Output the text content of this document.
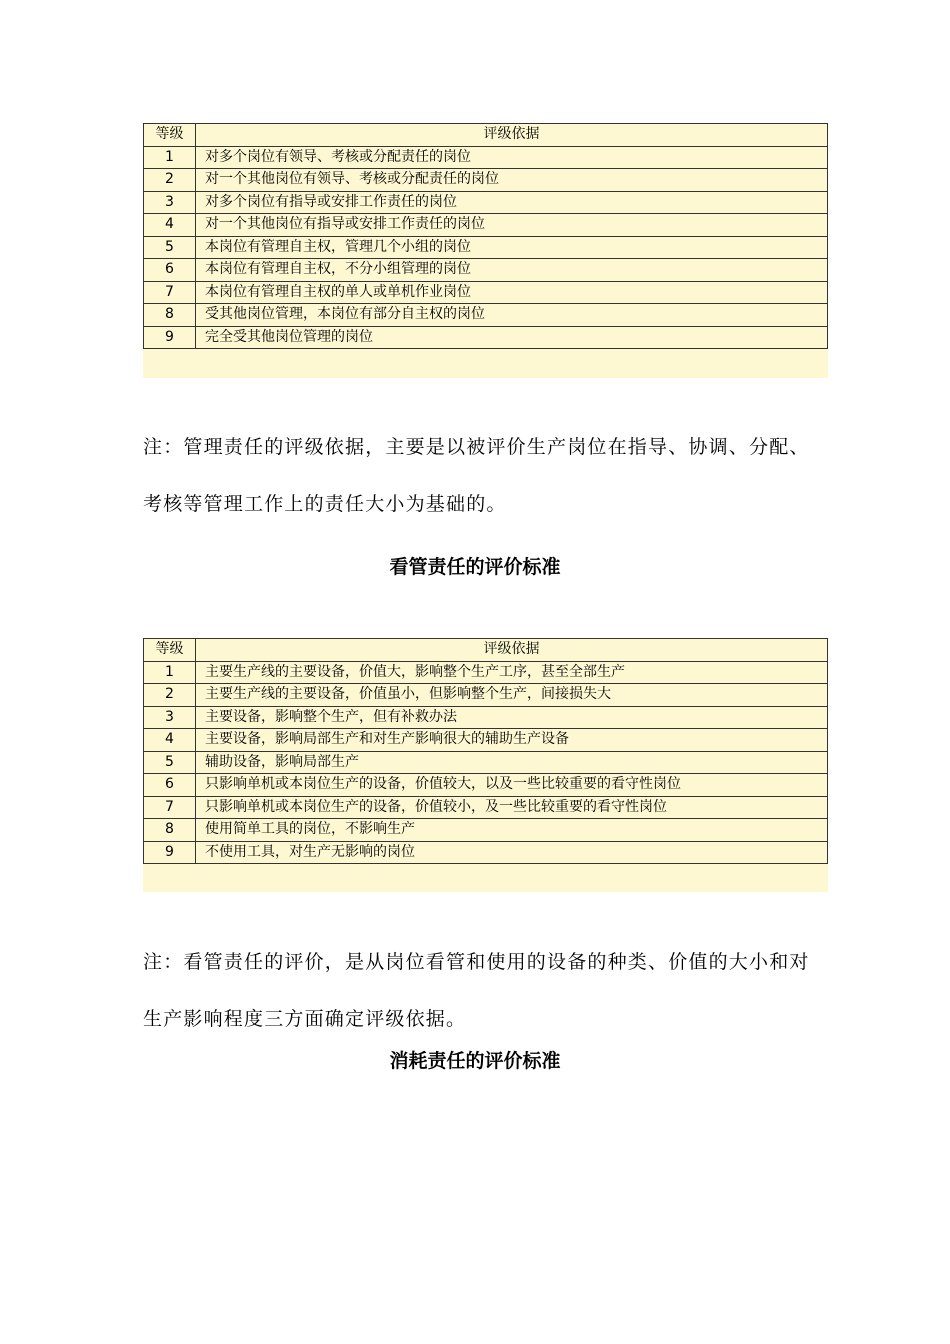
等级	评级依据
1	对多个岗位有领导、考核或分配责任的岗位
2	对一个其他岗位有领导、考核或分配责任的岗位
3	对多个岗位有指导或安排工作责任的岗位
4	对一个其他岗位有指导或安排工作责任的岗位
5	本岗位有管理自主权，管理几个小组的岗位
6	本岗位有管理自主权，不分小组管理的岗位
7	本岗位有管理自主权的单人或单机作业岗位
8	受其他岗位管理，本岗位有部分自主权的岗位
9	完全受其他岗位管理的岗位
注：管理责任的评级依据，主要是以被评价生产岗位在指导、协调、分配、考核等管理工作上的责任大小为基础的。
看管责任的评价标准
等级	评级依据
1	主要生产线的主要设备，价值大，影响整个生产工序，甚至全部生产
2	主要生产线的主要设备，价值虽小，但影响整个生产，间接损失大
3	主要设备，影响整个生产，但有补救办法
4	主要设备，影响局部生产和对生产影响很大的辅助生产设备
5	辅助设备，影响局部生产
6	只影响单机或本岗位生产的设备，价值较大，以及一些比较重要的看守性岗位
7	只影响单机或本岗位生产的设备，价值较小，及一些比较重要的看守性岗位
8	使用简单工具的岗位，不影响生产
9	不使用工具，对生产无影响的岗位
注：看管责任的评价，是从岗位看管和使用的设备的种类、价值的大小和对生产影响程度三方面确定评级依据。
消耗责任的评价标准
